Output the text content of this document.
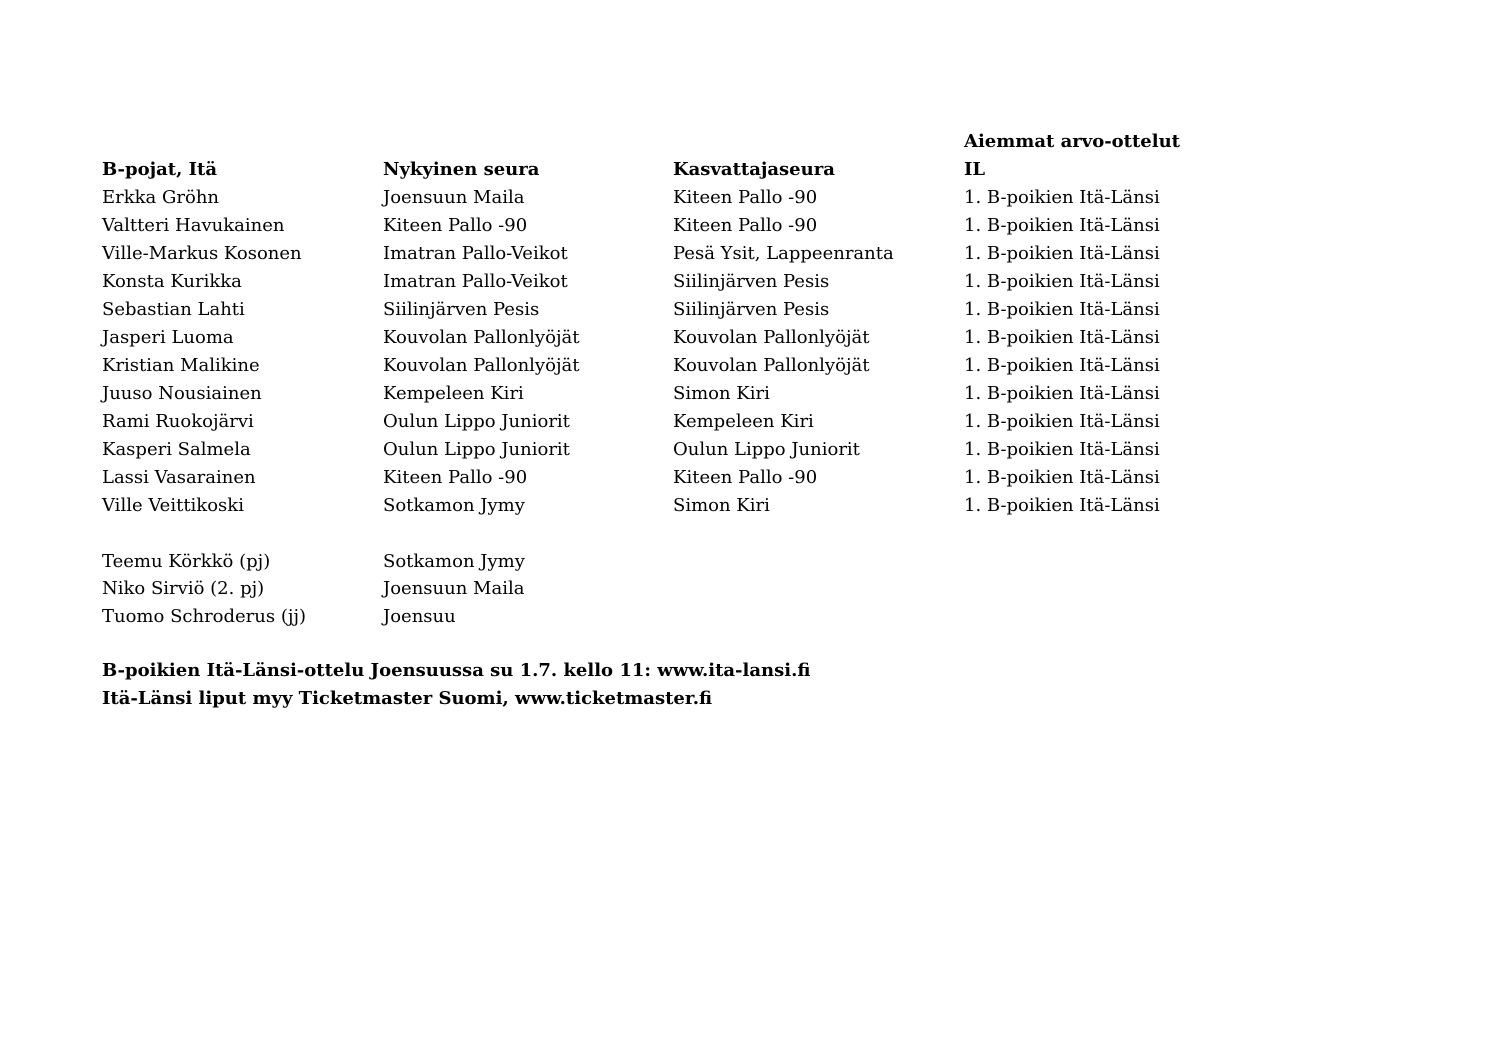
Aiemmat arvo-ottelut
B-pojat, Itä	Nykyinen seura	Kasvattajaseura	IL
Erkka Gröhn	Joensuun Maila	Kiteen Pallo -90	1. B-poikien Itä-Länsi
Valtteri Havukainen	Kiteen Pallo -90	Kiteen Pallo -90	1. B-poikien Itä-Länsi
Ville-Markus Kosonen	Imatran Pallo-Veikot	Pesä Ysit, Lappeenranta	1. B-poikien Itä-Länsi
Konsta Kurikka	Imatran Pallo-Veikot	Siilinjärven Pesis	1. B-poikien Itä-Länsi
Sebastian Lahti	Siilinjärven Pesis	Siilinjärven Pesis	1. B-poikien Itä-Länsi
Jasperi Luoma	Kouvolan Pallonlyöjät	Kouvolan Pallonlyöjät	1. B-poikien Itä-Länsi
Kristian Malikine	Kouvolan Pallonlyöjät	Kouvolan Pallonlyöjät	1. B-poikien Itä-Länsi
Juuso Nousiainen	Kempeleen Kiri	Simon Kiri	1. B-poikien Itä-Länsi
Rami Ruokojärvi	Oulun Lippo Juniorit	Kempeleen Kiri	1. B-poikien Itä-Länsi
Kasperi Salmela	Oulun Lippo Juniorit	Oulun Lippo Juniorit	1. B-poikien Itä-Länsi
Lassi Vasarainen	Kiteen Pallo -90	Kiteen Pallo -90	1. B-poikien Itä-Länsi
Ville Veittikoski	Sotkamon Jymy	Simon Kiri	1. B-poikien Itä-Länsi
Teemu Körkkö (pj)	Sotkamon Jymy
Niko Sirviö (2. pj)	Joensuun Maila
Tuomo Schroderus (jj)	Joensuu
B-poikien Itä-Länsi-ottelu Joensuussa su 1.7. kello 11: www.ita-lansi.fi
Itä-Länsi liput myy Ticketmaster Suomi, www.ticketmaster.fi
